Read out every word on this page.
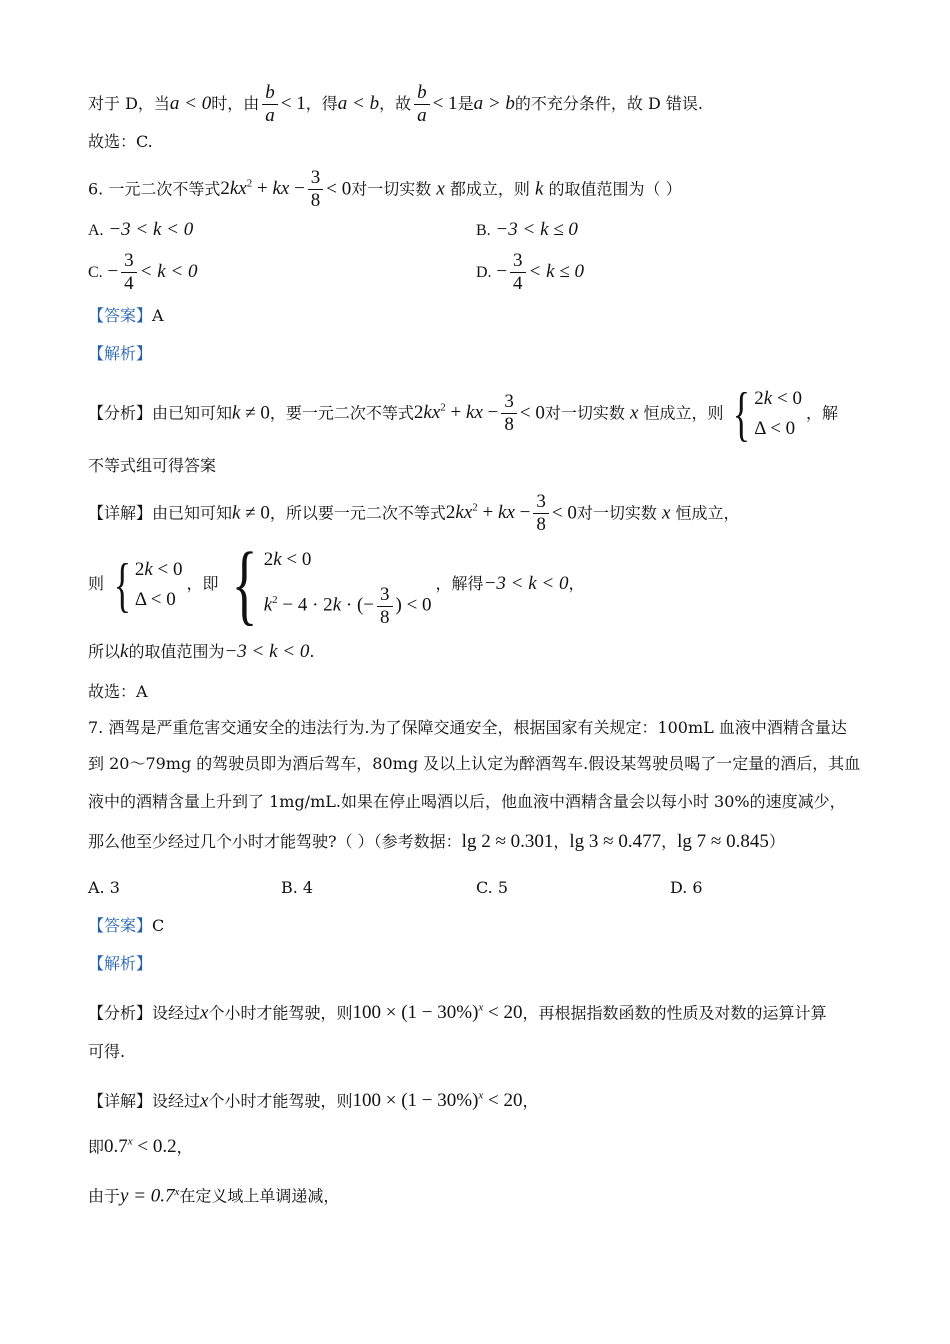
对于 D，当a < 0时，由 $\frac{b}{a} < 1$，得a < b，故 $\frac{b}{a} < 1$是a > b的不充分条件，故 D 错误.
故选：C.
6. 一元二次不等式$2kx^2$ + kx − $\frac{3}{8} < 0$对一切实数 x 都成立，则 k 的取值范围为（ ）
A. −3 < k < 0	B. −3 < k ≤ 0
C. − $\frac{3}{4} < k < 0$	D. − $\frac{3}{4} < k \le 0$
【答案】A
【解析】
【分析】由已知可知k ≠ 0，要一元二次不等式$2kx^2$ + kx − $\frac{3}{8} < 0$对一切实数 x 恒成立，则 { 2k < 0
Δ < 0
，解
不等式组可得答案
【详解】由已知可知k ≠ 0，所以要一元二次不等式$2kx^2$ + kx − $\frac{3}{8} < 0$对一切实数 x 恒成立，
则 { 2k < 0
Δ < 0
，即 { 2k < 0
$k^2 - 4 \cdot 2k$ · (− $\frac{3}{8}$ ) < 0
，解得−3 < k < 0，
所以k的取值范围为−3 < k < 0.
故选：A
7. 酒驾是严重危害交通安全的违法行为.为了保障交通安全，根据国家有关规定：100mL 血液中酒精含量达
到 20～79mg 的驾驶员即为酒后驾车，80mg 及以上认定为醉酒驾车.假设某驾驶员喝了一定量的酒后，其血
液中的酒精含量上升到了 1mg/mL.如果在停止喝酒以后，他血液中酒精含量会以每小时 30%的速度减少，
那么他至少经过几个小时才能驾驶?（ ）（参考数据：lg 2 ≈ 0.301，lg 3 ≈ 0.477，lg 7 ≈ 0.845）
A. 3	B. 4	C. 5	D. 6
【答案】C
【解析】
【分析】设经过x个小时才能驾驶，则$100 \times (1 - 30\%)^x < 20$，再根据指数函数的性质及对数的运算计算
可得.
【详解】设经过x个小时才能驾驶，则$100 \times (1 - 30\%)^x < 20$，
即$0.7^x < 0.2$，
由于$y = 0.7^x$在定义域上单调递减，
